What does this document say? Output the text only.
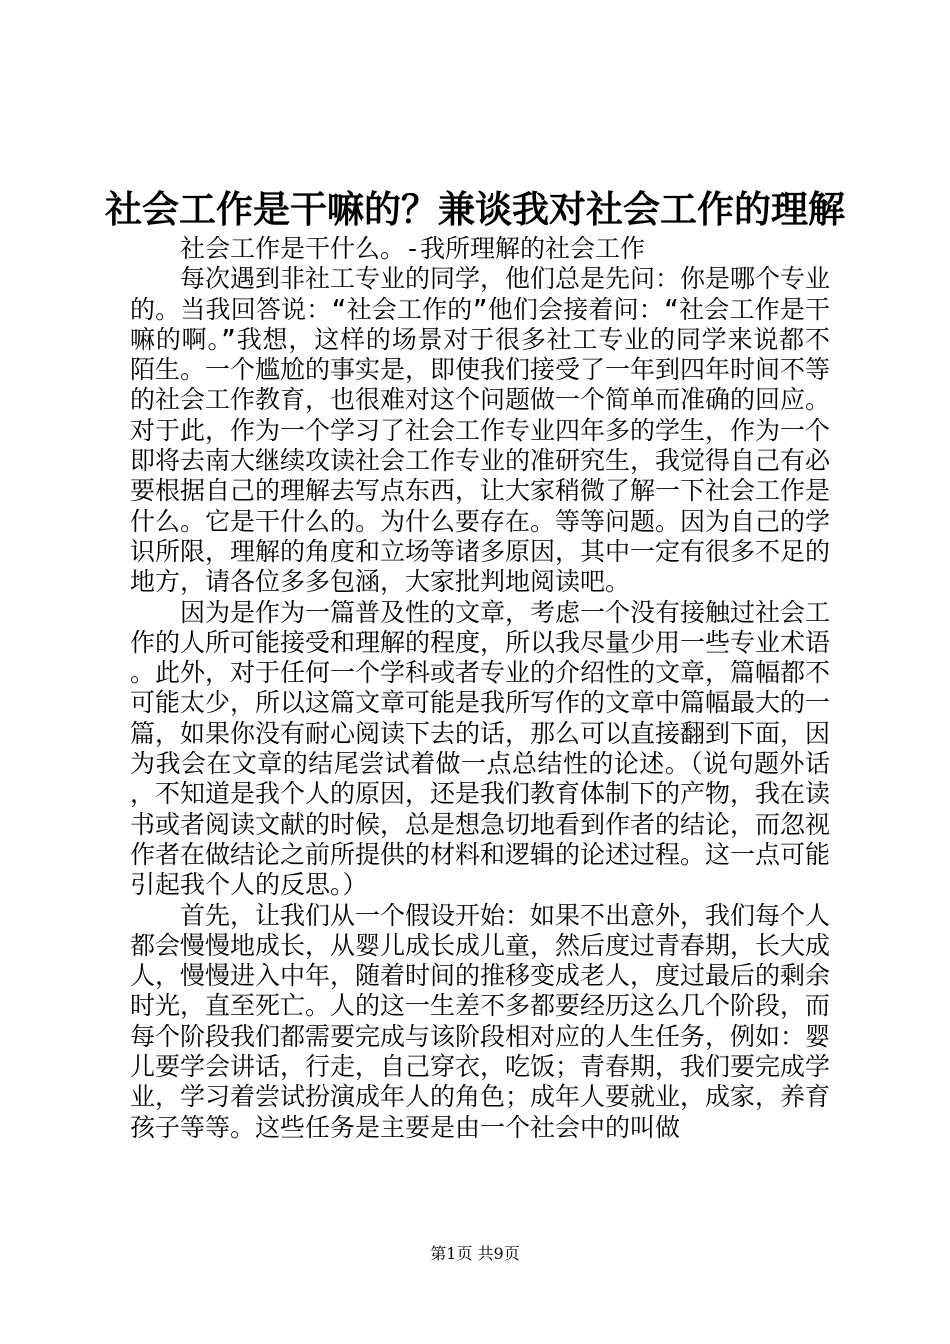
社会工作是干嘛的？兼谈我对社会工作的理解

社会工作是干什么。-我所理解的社会工作

每次遇到非社工专业的同学，他们总是先问：你是哪个专业的。当我回答说：“社会工作的”他们会接着问：“社会工作是干嘛的啊。”我想，这样的场景对于很多社工专业的同学来说都不陌生。一个尴尬的事实是，即使我们接受了一年到四年时间不等的社会工作教育，也很难对这个问题做一个简单而准确的回应。对于此，作为一个学习了社会工作专业四年多的学生，作为一个即将去南大继续攻读社会工作专业的准研究生，我觉得自己有必要根据自己的理解去写点东西，让大家稍微了解一下社会工作是什么。它是干什么的。为什么要存在。等等问题。因为自己的学识所限，理解的角度和立场等诸多原因，其中一定有很多不足的地方，请各位多多包涵，大家批判地阅读吧。

因为是作为一篇普及性的文章，考虑一个没有接触过社会工作的人所可能接受和理解的程度，所以我尽量少用一些专业术语。此外，对于任何一个学科或者专业的介绍性的文章，篇幅都不可能太少，所以这篇文章可能是我所写作的文章中篇幅最大的一篇，如果你没有耐心阅读下去的话，那么可以直接翻到下面，因为我会在文章的结尾尝试着做一点总结性的论述。（说句题外话，不知道是我个人的原因，还是我们教育体制下的产物，我在读书或者阅读文献的时候，总是想急切地看到作者的结论，而忽视作者在做结论之前所提供的材料和逻辑的论述过程。这一点可能引起我个人的反思。）

首先，让我们从一个假设开始：如果不出意外，我们每个人都会慢慢地成长，从婴儿成长成儿童，然后度过青春期，长大成人，慢慢进入中年，随着时间的推移变成老人，度过最后的剩余时光，直至死亡。人的这一生差不多都要经历这么几个阶段，而每个阶段我们都需要完成与该阶段相对应的人生任务，例如：婴儿要学会讲话，行走，自己穿衣，吃饭；青春期，我们要完成学业，学习着尝试扮演成年人的角色；成年人要就业，成家，养育孩子等等。这些任务是主要是由一个社会中的叫做

第1页 共9页
